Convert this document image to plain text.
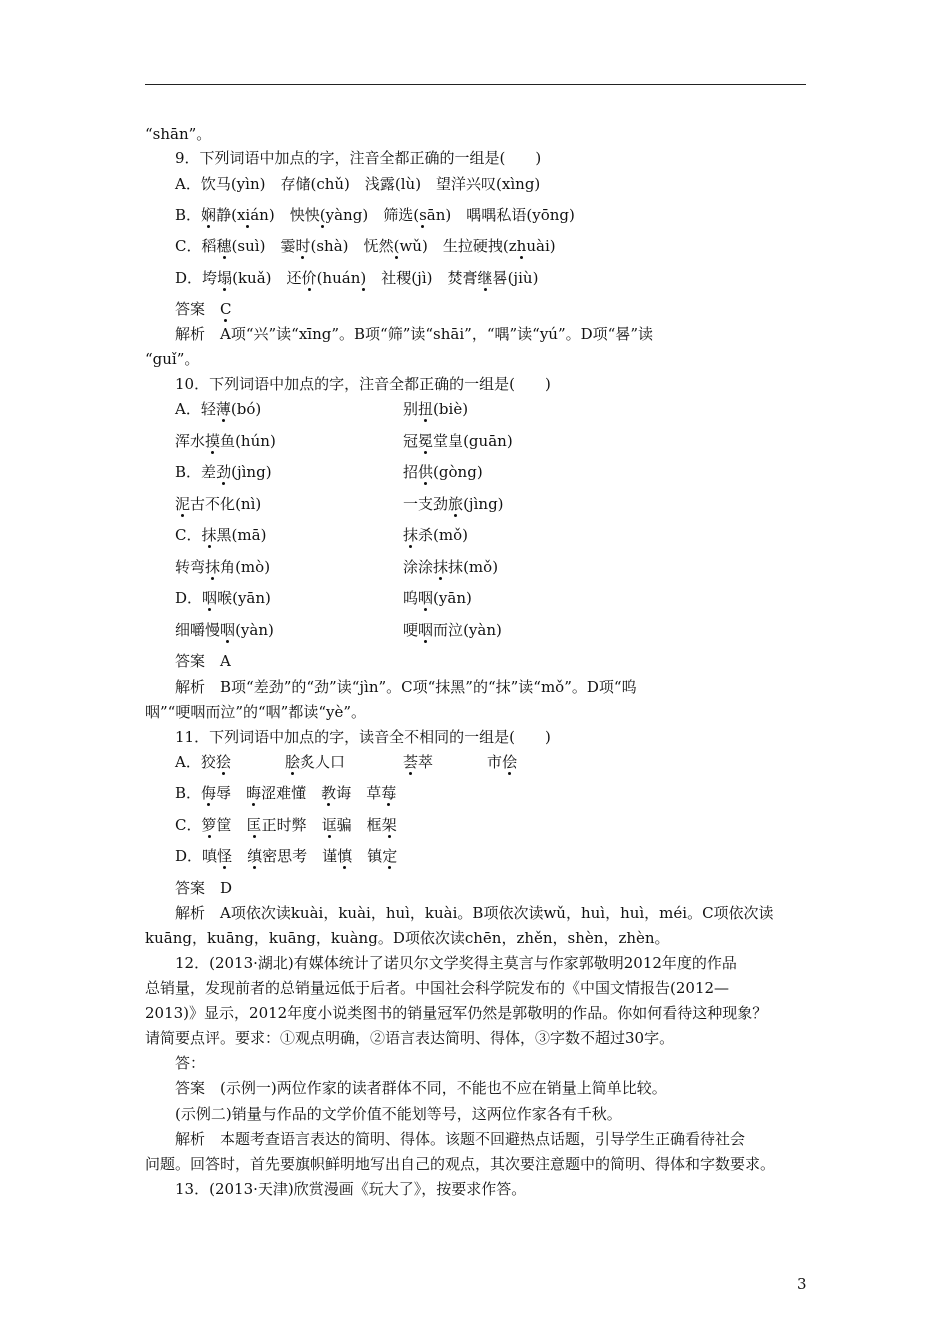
“shān”。
9．下列词语中加点的字，注音全都正确的一组是(　　)
A．饮马(yìn)　存储(chǔ)　浅露(lù)　望洋兴叹(xìng)
B．娴静(xián)　 怏怏(yàng)　 筛选(sān)　 喁喁私语(yōng)
C．稻穗(suì)　 霎时(shà)　 怃然(wǔ)　 生拉硬拽(zhuài)
D．垮塌(kuǎ)　 还价(huán)　 社稷(jì)　 焚膏继晷(jiù)
答案　 C
解析　A项“兴”读“xīng”。B项“筛”读“shāi”，“喁”读“yú”。D项“晷”读
“guǐ”。
10．下列词语中加点的字，注音全都正确的一组是(　　)
A．轻薄(bó)	别扭(biè)
浑水摸鱼(hún)	冠冕堂皇(guān)
B．差劲(jìng)	招供(gòng)
泥古不化(nì)	一支劲旅(jìng)
C．抹黑(mā)	抹杀(mǒ)
转弯抹角(mò)	涂涂抹抹(mǒ)
D．咽喉(yān)	呜咽(yān)
细嚼慢咽(yàn)	哽咽而泣(yàn)
答案　A
解析　B项“差劲”的“劲”读“jìn”。C项“抹黑”的“抹”读“mǒ”。D项“呜
咽”“哽咽而泣”的“咽”都读“yè”。
11．下列词语中加点的字，读音全不相同的一组是(　　)
A．狡狯	脍炙人口	荟萃	市侩
B．侮辱　 晦涩难懂　 教诲　 草莓
C．箩筐　 匡正时弊　 诓骗　 框架
D．嗔怪　 缜密思考　 谨慎　 镇定
答案　D
解析　A项依次读kuài，kuài，huì，kuài。B项依次读wǔ，huì，huì，méi。C项依次读
kuāng，kuāng，kuāng，kuàng。D项依次读chēn，zhěn，shèn，zhèn。
12．(2013·湖北)有媒体统计了诺贝尔文学奖得主莫言与作家郭敬明2012年度的作品
总销量，发现前者的总销量远低于后者。中国社会科学院发布的《中国文情报告(2012—
2013)》显示，2012年度小说类图书的销量冠军仍然是郭敬明的作品。你如何看待这种现象？
请简要点评。要求：①观点明确，②语言表达简明、得体，③字数不超过30字。
答：
答案　(示例一)两位作家的读者群体不同，不能也不应在销量上简单比较。
(示例二)销量与作品的文学价值不能划等号，这两位作家各有千秋。
解析　本题考查语言表达的简明、得体。该题不回避热点话题，引导学生正确看待社会
问题。回答时，首先要旗帜鲜明地写出自己的观点，其次要注意题中的简明、得体和字数要求。
13．(2013·天津)欣赏漫画《玩大了》，按要求作答。
3
